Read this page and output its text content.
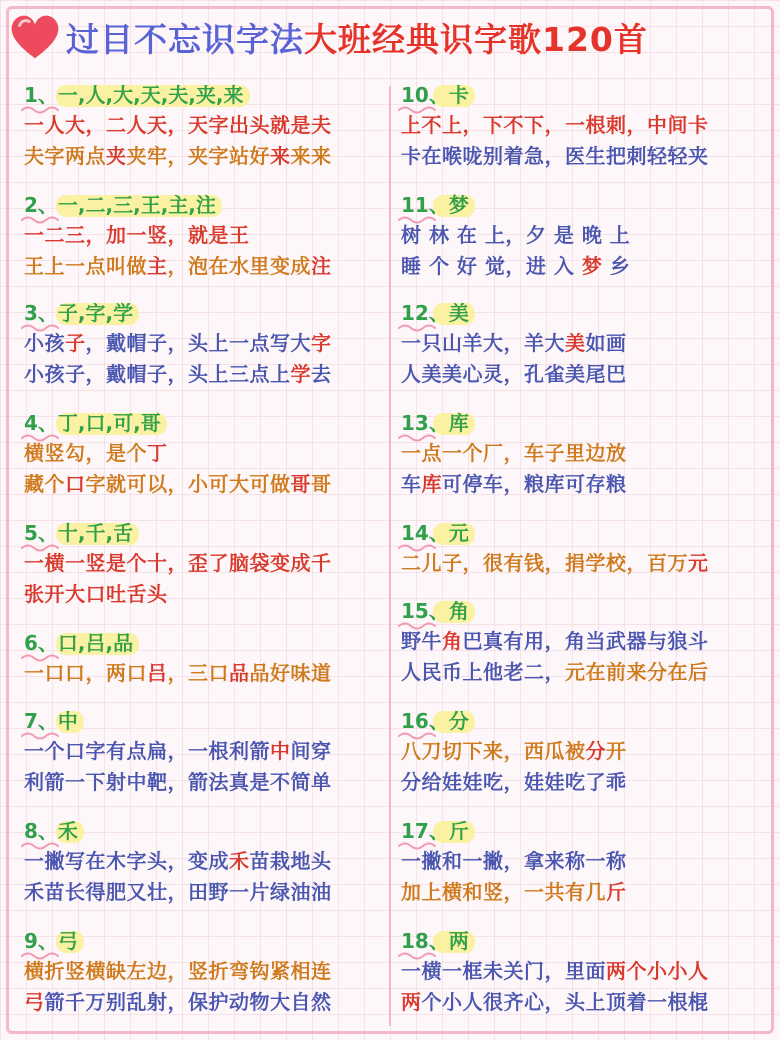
过目不忘识字法大班经典识字歌120首
1、一,人,大,天,夫,夹,来
一人大，二人天，天字出头就是夫
夫字两点夹夹牢，夹字站好来来来
2、一,二,三,王,主,注
一二三，加一竖，就是王
王上一点叫做主，泡在水里变成注
3、子,字,学
小孩子，戴帽子，头上一点写大字
小孩子，戴帽子，头上三点上学去
4、丁,口,可,哥
横竖勾，是个丁
藏个口字就可以，小可大可做哥哥
5、十,千,舌
一横一竖是个十，歪了脑袋变成千
张开大口吐舌头
6、口,吕,品
一口口，两口吕，三口品品好味道
7、中
一个口字有点扁，一根利箭中间穿
利箭一下射中靶，箭法真是不简单
8、禾
一撇写在木字头，变成禾苗栽地头
禾苗长得肥又壮，田野一片绿油油
9、弓
横折竖横缺左边，竖折弯钩紧相连
弓箭千万别乱射，保护动物大自然
10、卡
上不上，下不下，一根刺，中间卡
卡在喉咙别着急，医生把刺轻轻夹
11、梦
树 林 在 上，夕 是 晚 上
睡 个 好 觉，进 入 梦 乡
12、美
一只山羊大，羊大美如画
人美美心灵，孔雀美尾巴
13、库
一点一个厂，车子里边放
车库可停车，粮库可存粮
14、元
二儿子，很有钱，捐学校，百万元
15、角
野牛角巴真有用，角当武器与狼斗
人民币上他老二，元在前来分在后
16、分
八刀切下来，西瓜被分开
分给娃娃吃，娃娃吃了乖
17、斤
一撇和一撇，拿来称一称
加上横和竖，一共有几斤
18、两
一横一框未关门，里面两个小小人
两个小人很齐心，头上顶着一根棍
